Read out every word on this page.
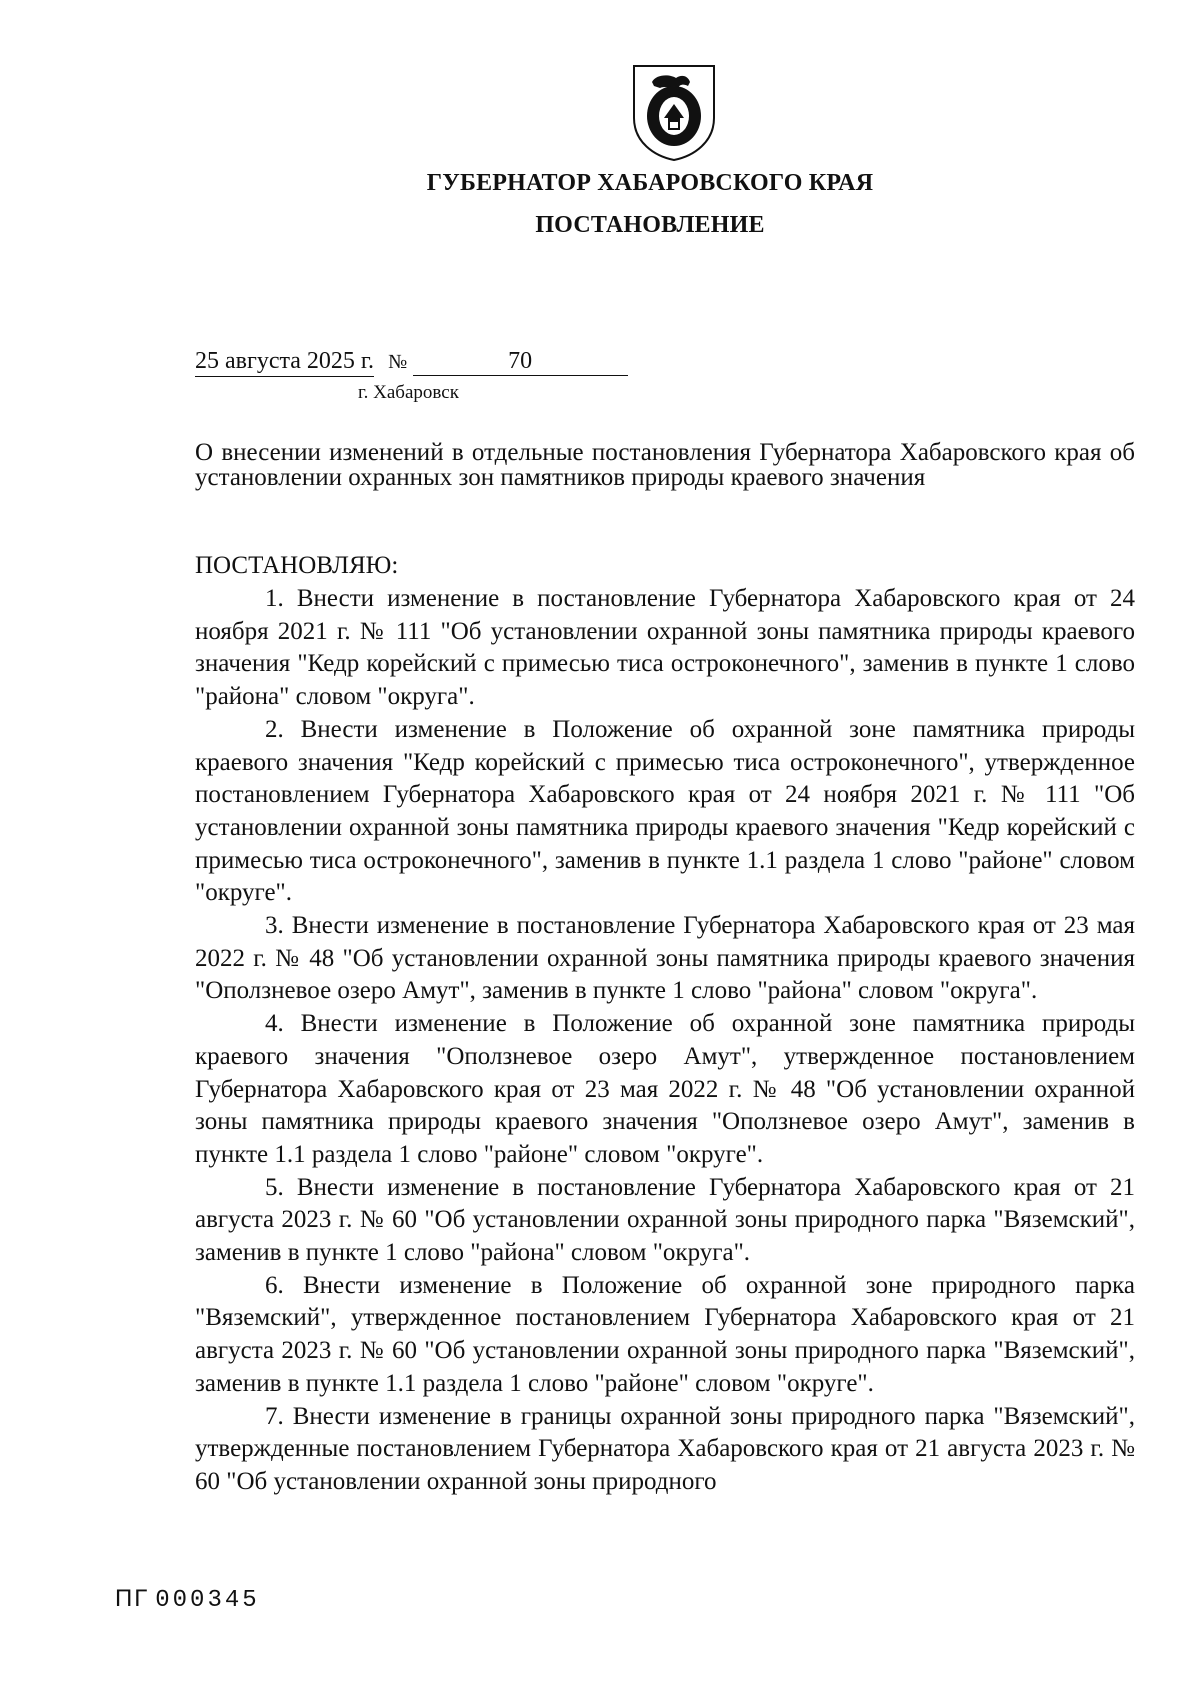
ГУБЕРНАТОР ХАБАРОВСКОГО КРАЯ
ПОСТАНОВЛЕНИЕ
25 августа 2025 г. №	70
г. Хабаровск
О внесении изменений в отдельные постановления Губернатора Хабаровского края об установлении охранных зон памятников природы краевого значения
ПОСТАНОВЛЯЮ:

1. Внести изменение в постановление Губернатора Хабаровского края от 24 ноября 2021 г. № 111 "Об установлении охранной зоны памятника природы краевого значения "Кедр корейский с примесью тиса остроконечного", заменив в пункте 1 слово "района" словом "округа".

2. Внести изменение в Положение об охранной зоне памятника природы краевого значения "Кедр корейский с примесью тиса остроконечного", утвержденное постановлением Губернатора Хабаровского края от 24 ноября 2021 г. № 111 "Об установлении охранной зоны памятника природы краевого значения "Кедр корейский с примесью тиса остроконечного", заменив в пункте 1.1 раздела 1 слово "районе" словом "округе".

3. Внести изменение в постановление Губернатора Хабаровского края от 23 мая 2022 г. № 48 "Об установлении охранной зоны памятника природы краевого значения "Оползневое озеро Амут", заменив в пункте 1 слово "района" словом "округа".

4. Внести изменение в Положение об охранной зоне памятника природы краевого значения "Оползневое озеро Амут", утвержденное постановлением Губернатора Хабаровского края от 23 мая 2022 г. № 48 "Об установлении охранной зоны памятника природы краевого значения "Оползневое озеро Амут", заменив в пункте 1.1 раздела 1 слово "районе" словом "округе".

5. Внести изменение в постановление Губернатора Хабаровского края от 21 августа 2023 г. № 60 "Об установлении охранной зоны природного парка "Вяземский", заменив в пункте 1 слово "района" словом "округа".

6. Внести изменение в Положение об охранной зоне природного парка "Вяземский", утвержденное постановлением Губернатора Хабаровского края от 21 августа 2023 г. № 60 "Об установлении охранной зоны природного парка "Вяземский", заменив в пункте 1.1 раздела 1 слово "районе" словом "округе".

7. Внести изменение в границы охранной зоны природного парка "Вяземский", утвержденные постановлением Губернатора Хабаровского края от 21 августа 2023 г. № 60 "Об установлении охранной зоны природного

ПГ 000345
